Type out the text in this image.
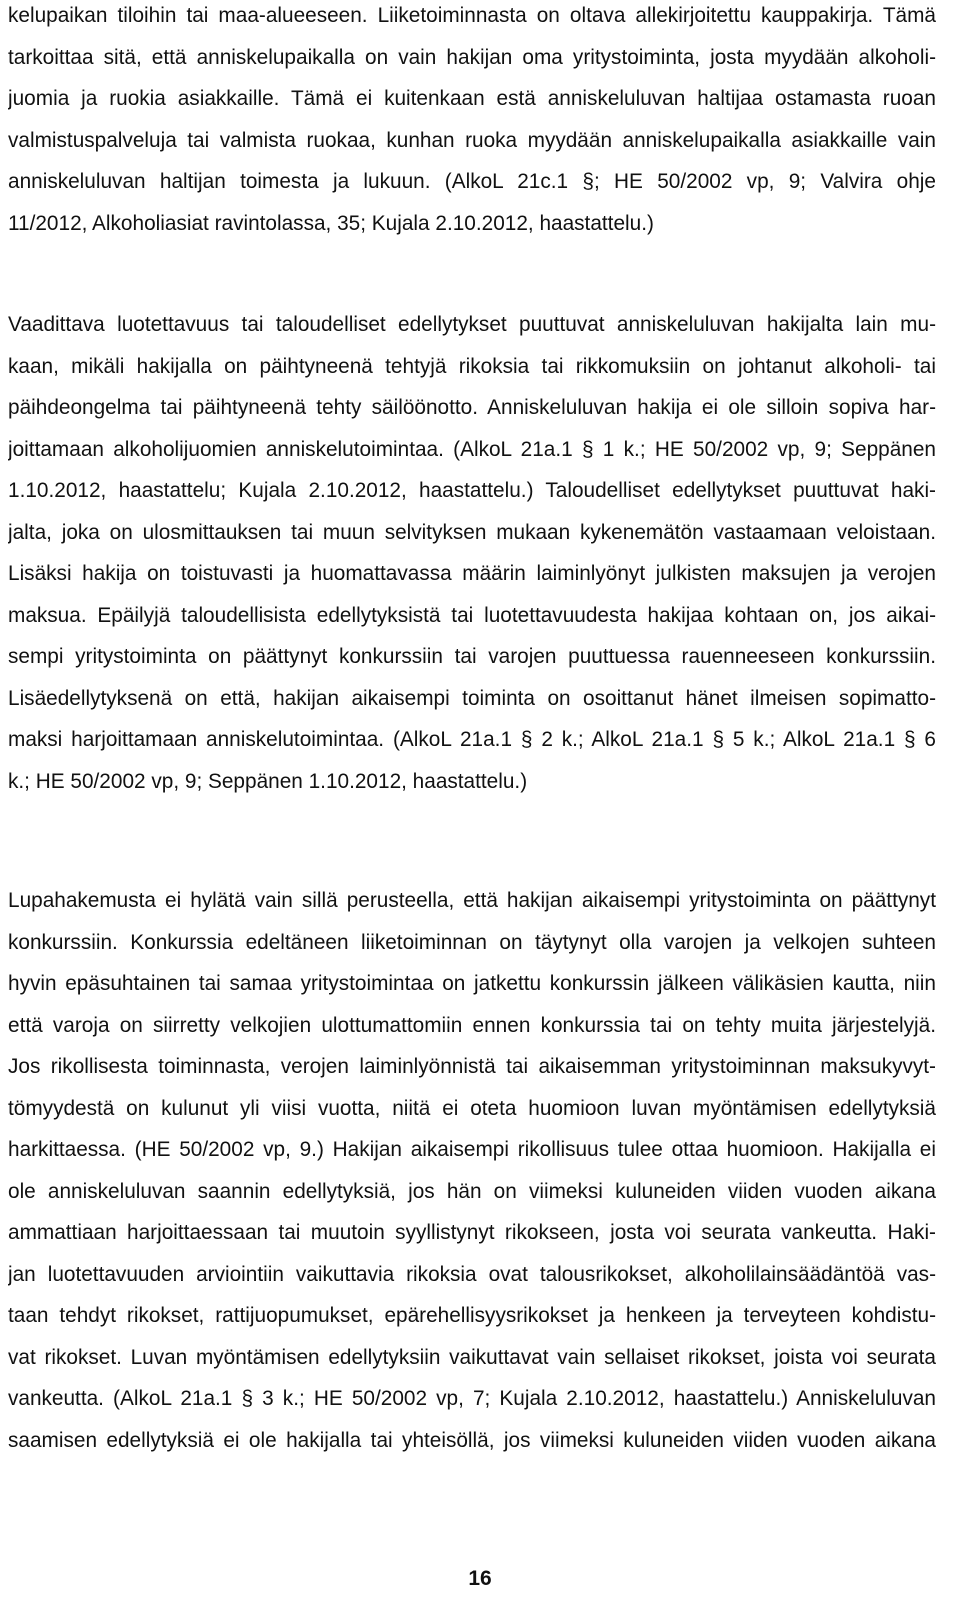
kelupaikan tiloihin tai maa-alueeseen. Liiketoiminnasta on oltava allekirjoitettu kauppakirja. Tämä
tarkoittaa sitä, että anniskelupaikalla on vain hakijan oma yritystoiminta, josta myydään alkoholi-
juomia ja ruokia asiakkaille. Tämä ei kuitenkaan estä anniskeluluvan haltijaa ostamasta ruoan
valmistuspalveluja tai valmista ruokaa, kunhan ruoka myydään anniskelupaikalla asiakkaille vain
anniskeluluvan haltijan toimesta ja lukuun. (AlkoL 21c.1 §; HE 50/2002 vp, 9; Valvira ohje
11/2012, Alkoholiasiat ravintolassa, 35; Kujala 2.10.2012, haastattelu.)
Vaadittava luotettavuus tai taloudelliset edellytykset puuttuvat anniskeluluvan hakijalta lain mu-
kaan, mikäli hakijalla on päihtyneenä tehtyjä rikoksia tai rikkomuksiin on johtanut alkoholi- tai
päihdeongelma tai päihtyneenä tehty säilöönotto. Anniskeluluvan hakija ei ole silloin sopiva har-
joittamaan alkoholijuomien anniskelutoimintaa. (AlkoL 21a.1 § 1 k.; HE 50/2002 vp, 9; Seppänen
1.10.2012, haastattelu; Kujala 2.10.2012, haastattelu.) Taloudelliset edellytykset puuttuvat haki-
jalta, joka on ulosmittauksen tai muun selvityksen mukaan kykenemätön vastaamaan veloistaan.
Lisäksi hakija on toistuvasti ja huomattavassa määrin laiminlyönyt julkisten maksujen ja verojen
maksua. Epäilyjä taloudellisista edellytyksistä tai luotettavuudesta hakijaa kohtaan on, jos aikai-
sempi yritystoiminta on päättynyt konkurssiin tai varojen puuttuessa rauenneeseen konkurssiin.
Lisäedellytyksenä on että, hakijan aikaisempi toiminta on osoittanut hänet ilmeisen sopimatto-
maksi harjoittamaan anniskelutoimintaa. (AlkoL 21a.1 § 2 k.; AlkoL 21a.1 § 5 k.; AlkoL 21a.1 § 6
k.; HE 50/2002 vp, 9; Seppänen 1.10.2012, haastattelu.)
Lupahakemusta ei hylätä vain sillä perusteella, että hakijan aikaisempi yritystoiminta on päättynyt
konkurssiin. Konkurssia edeltäneen liiketoiminnan on täytynyt olla varojen ja velkojen suhteen
hyvin epäsuhtainen tai samaa yritystoimintaa on jatkettu konkurssin jälkeen välikäsien kautta, niin
että varoja on siirretty velkojien ulottumattomiin ennen konkurssia tai on tehty muita järjestelyjä.
Jos rikollisesta toiminnasta, verojen laiminlyönnistä tai aikaisemman yritystoiminnan maksukyvyt-
tömyydestä on kulunut yli viisi vuotta, niitä ei oteta huomioon luvan myöntämisen edellytyksiä
harkittaessa. (HE 50/2002 vp, 9.) Hakijan aikaisempi rikollisuus tulee ottaa huomioon. Hakijalla ei
ole anniskeluluvan saannin edellytyksiä, jos hän on viimeksi kuluneiden viiden vuoden aikana
ammattiaan harjoittaessaan tai muutoin syyllistynyt rikokseen, josta voi seurata vankeutta. Haki-
jan luotettavuuden arviointiin vaikuttavia rikoksia ovat talousrikokset, alkoholilainsäädäntöä vas-
taan tehdyt rikokset, rattijuopumukset, epärehellisyysrikokset ja henkeen ja terveyteen kohdistu-
vat rikokset. Luvan myöntämisen edellytyksiin vaikuttavat vain sellaiset rikokset, joista voi seurata
vankeutta. (AlkoL 21a.1 § 3 k.; HE 50/2002 vp, 7; Kujala 2.10.2012, haastattelu.) Anniskeluluvan
saamisen edellytyksiä ei ole hakijalla tai yhteisöllä, jos viimeksi kuluneiden viiden vuoden aikana
16
